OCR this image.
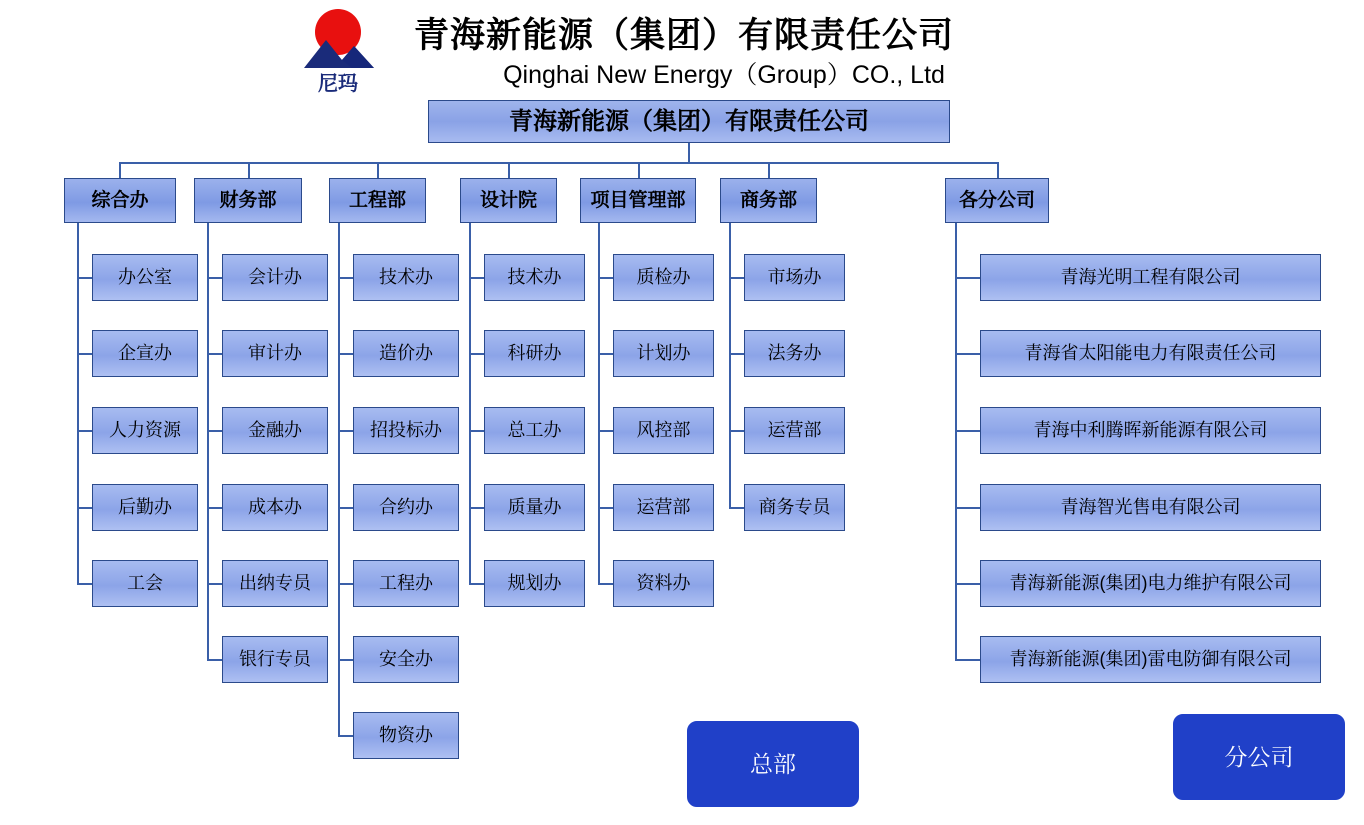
尼玛
青海新能源（集团）有限责任公司
Qinghai New Energy（Group）CO., Ltd
青海新能源（集团）有限责任公司
综合办
办公室
企宣办
人力资源
后勤办
工会
财务部
会计办
审计办
金融办
成本办
出纳专员
银行专员
工程部
技术办
造价办
招投标办
合约办
工程办
安全办
物资办
设计院
技术办
科研办
总工办
质量办
规划办
项目管理部
质检办
计划办
风控部
运营部
资料办
商务部
市场办
法务办
运营部
商务专员
各分公司
青海光明工程有限公司
青海省太阳能电力有限责任公司
青海中利腾晖新能源有限公司
青海智光售电有限公司
青海新能源(集团)电力维护有限公司
青海新能源(集团)雷电防御有限公司
总部	分公司
